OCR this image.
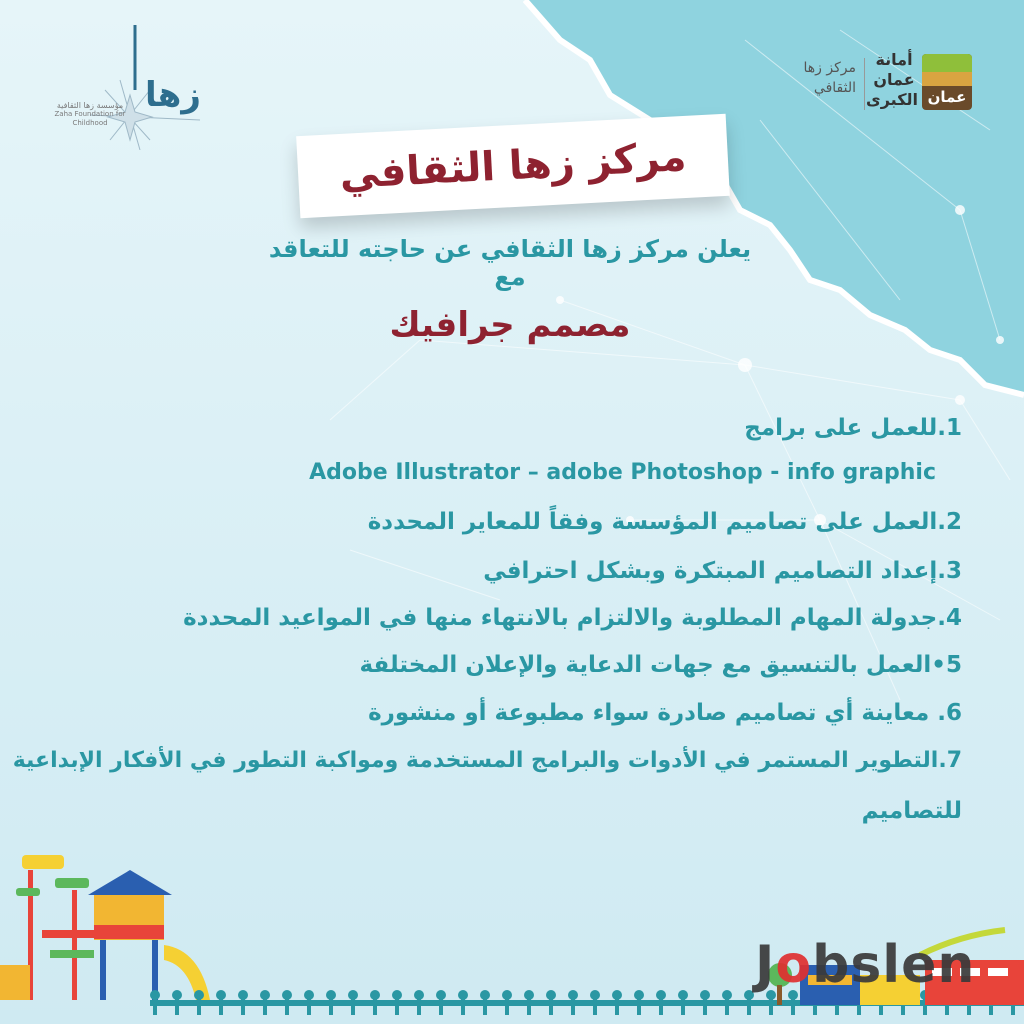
زها
مؤسسة زها الثقافية
Zaha Foundation for Childhood
مركز زها
الثقافي
أمانة
عمان
الكبرى عمان
مركز زها الثقافي
يعلن مركز زها الثقافي عن حاجته للتعاقد مع
مصمم جرافيك
1.للعمل على برامج
Adobe Illustrator – adobe Photoshop - info graphic
2.العمل على تصاميم المؤسسة وفقاً للمعاير المحددة
3.إعداد التصاميم المبتكرة وبشكل احترافي
4.جدولة المهام المطلوبة والالتزام بالانتهاء منها في المواعيد المحددة
5•العمل بالتنسيق مع جهات الدعاية والإعلان المختلفة
6. معاينة أي تصاميم صادرة سواء مطبوعة أو منشورة
7.التطوير المستمر في الأدوات والبرامج المستخدمة ومواكبة التطور في الأفكار الإبداعية
للتصاميم
Jobslen
